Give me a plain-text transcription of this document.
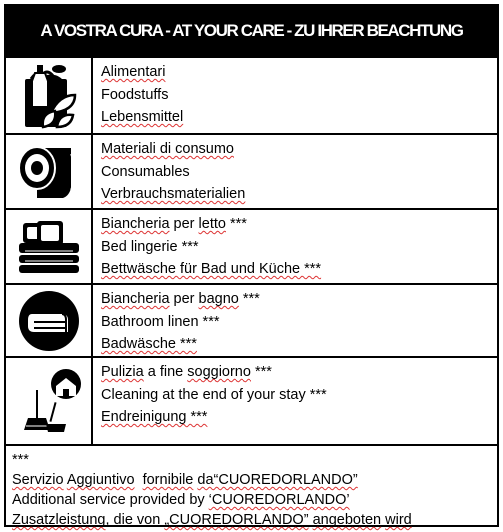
A VOSTRA CURA - AT YOUR CARE - ZU IHRER BEACHTUNG
Alimentari
Foodstuffs
Lebensmittel
Materiali di consumo
Consumables
Verbrauchsmaterialien
Biancheria per letto ***
Bed lingerie ***
Bettwäsche für Bad und Küche ***
Biancheria per bagno ***
Bathroom linen ***
Badwäsche ***
Pulizia a fine soggiorno ***
Cleaning at the end of your stay ***
Endreinigung ***
***
Servizio Aggiuntivo fornibile da“CUOREDORLANDO”
Additional service provided by ‘CUOREDORLANDO’
Zusatzleistung, die von „CUOREDORLANDO” angeboten wird
